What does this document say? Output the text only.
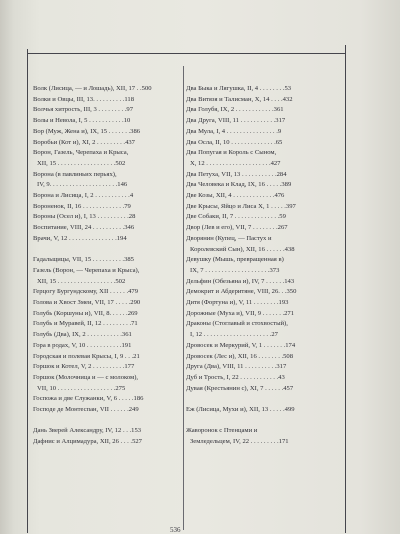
Волк (Лисица, — и Лошадь), XII, 17 . .500
Волки и Овцы, III, 13. . . . . . . . . .118
Волчья хитрость, III, 3 . . . . . . . . .97
Волы и Невола, I, 5 . . . . . . . . . . .10
Вор (Муж, Жена и), IX, 15 . . . . . . .386
Воробьи (Кот и), XI, 2 . . . . . . . . .437
Ворон, Газель, Черепаха и Крыса,
XII, 15 . . . . . . . . . . . . . . . . . .502
Ворона (в павлиньих перьях),
IV, 9. . . . . . . . . . . . . . . . . . . . .146
Ворона и Лисица, I, 2 . . . . . . . . . . .4
Вороненок, II, 16 . . . . . . . . . . . . .79
Вороны (Осел и), I, 13 . . . . . . . . . .28
Воспитание, VIII, 24 . . . . . . . . . .346
Врачи, V, 12 . . . . . . . . . . . . . . .194
Гадальщицы, VII, 15 . . . . . . . . . .385
Газель (Ворон, — Черепаха и Крыса),
XII, 15 . . . . . . . . . . . . . . . . . .502
Герцогу Бургундскому, XII . . . . . .479
Голова и Хвост Змеи, VII, 17 . . . . .290
Голубь (Коршуны и), VII, 8. . . . . .269
Голубь и Муравей, II, 12 . . . . . . . . .71
Голубь (Два), IX, 2 . . . . . . . . . . .361
Гора в родах, V, 10 . . . . . . . . . . .191
Городская и полевая Крысы, I, 9 . . .21
Горшок и Котел, V, 2 . . . . . . . . . .177
Горшок (Молочница и — с молоком),
VII, 10 . . . . . . . . . . . . . . . . . .275
Госпожа и две Служанки, V, 6 . . . . .186
Господе де Монтеспан, VII . . . . . .249
Дань Зверей Александру, IV, 12 . . .153
Дафнис и Алцимадура, XII, 26 . . . .527
Два Быка и Лягушка, II, 4 . . . . . . . .53
Два Витязя и Талисман, X, 14 . . . .432
Два Голубя, IX, 2 . . . . . . . . . . . .361
Два Друга, VIII, 11 . . . . . . . . . . .317
Два Мула, I, 4 . . . . . . . . . . . . . . . .9
Два Осла, II, 10 . . . . . . . . . . . . . .65
Два Попугая и Король с Сыном,
X, 12 . . . . . . . . . . . . . . . . . . . .427
Два Петуха, VII, 13 . . . . . . . . . . .284
Два Человека и Клад, IX, 16 . . . . .389
Две Козы, XII, 4 . . . . . . . . . . . . .476
Две Крысы, Яйцо и Лиса X, 1 . . . . .397
Две Собаки, II, 7 . . . . . . . . . . . . . .59
Двор (Лев и его), VII, 7 . . . . . . . .267
Дворянин (Купец, — Пастух и
Королевский Сын), XII, 16 . . . . . .438
Девушку (Мышь, превращенная в)
IX, 7 . . . . . . . . . . . . . . . . . . . .373
Дельфин (Обезьяна и), IV, 7 . . . . . .143
Демокрит и Абдеритяне, VIII, 26. . .350
Дитя (Фортуна и), V, 11 . . . . . . . .193
Дорожные (Муха и), VII, 9 . . . . . . .271
Драконы (Стоглавый и стохвостый),
I, 12 . . . . . . . . . . . . . . . . . . . . .27
Дровосек и Меркурий, V, 1 . . . . . . .174
Дровосек (Лес и), XII, 16 . . . . . . . .508
Друга (Два), VIII, 11 . . . . . . . . . .317
Дуб и Трость, I, 22 . . . . . . . . . . . .43
Дувая (Крестьянин с), XI, 7 . . . . . .457
Еж (Лисица, Мухи и), XII, 13 . . . . .499
Жаворонок с Птенцами и
Земледельцем, IV, 22 . . . . . . . . .171
536
